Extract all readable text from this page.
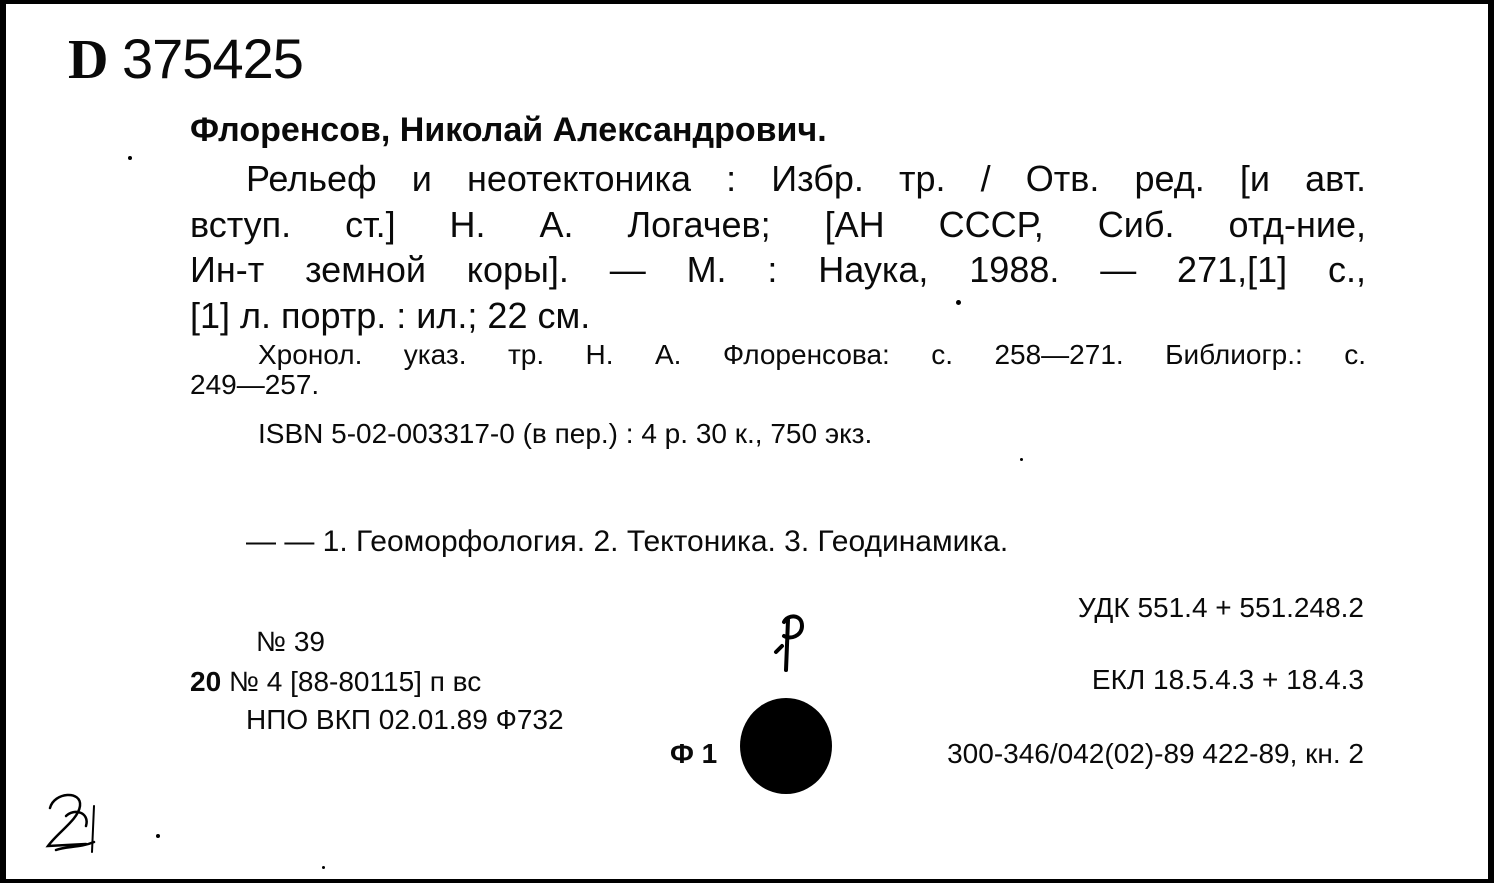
D 375425
Флоренсов, Николай Александрович.
Рельеф и неотектоника : Избр. тр. / Отв. ред. [и авт.
вступ. ст.] Н. А. Логачев; [АН СССР, Сиб. отд-ние,
Ин-т земной коры]. — М. : Наука, 1988. — 271,[1] с.,
[1] л. портр. : ил.; 22 см.
Хронол. указ. тр. Н. А. Флоренсова: с. 258—271. Библиогр.: с.
249—257.
ISBN 5-02-003317-0 (в пер.) : 4 р. 30 к., 750 экз.
— — 1. Геоморфология. 2. Тектоника. 3. Геодинамика.
УДК 551.4 + 551.248.2
№ 39
20 № 4 [88-80115] п вс	ЕКЛ 18.5.4.3 + 18.4.3
НПО ВКП 02.01.89 Ф732
Ф 1	300-346/042(02)-89 422-89, кн. 2
р
2
